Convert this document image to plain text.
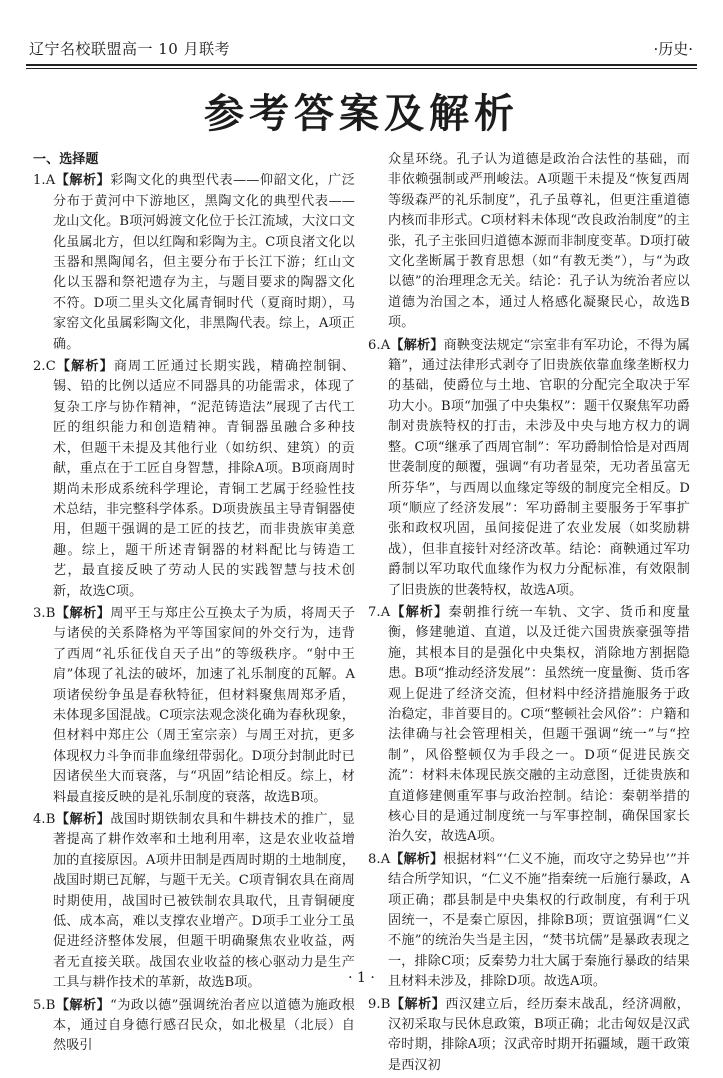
辽宁名校联盟高一 10 月联考	·历史·
参考答案及解析
一、选择题

1.A【解析】彩陶文化的典型代表——仰韶文化，广泛分布于黄河中下游地区，黑陶文化的典型代表——龙山文化。B项河姆渡文化位于长江流域，大汶口文化虽属北方，但以红陶和彩陶为主。C项良渚文化以玉器和黑陶闻名，但主要分布于长江下游；红山文化以玉器和祭祀遗存为主，与题目要求的陶器文化不符。D项二里头文化属青铜时代（夏商时期），马家窑文化虽属彩陶文化，非黑陶代表。综上，A项正确。

2.C【解析】商周工匠通过长期实践，精确控制铜、锡、铅的比例以适应不同器具的功能需求，体现了复杂工序与协作精神，“泥范铸造法”展现了古代工匠的组织能力和创造精神。青铜器虽融合多种技术，但题干未提及其他行业（如纺织、建筑）的贡献，重点在于工匠自身智慧，排除A项。B项商周时期尚未形成系统科学理论，青铜工艺属于经验性技术总结，非完整科学体系。D项贵族虽主导青铜器使用，但题干强调的是工匠的技艺，而非贵族审美意趣。综上，题干所述青铜器的材料配比与铸造工艺，最直接反映了劳动人民的实践智慧与技术创新，故选C项。

3.B【解析】周平王与郑庄公互换太子为质，将周天子与诸侯的关系降格为平等国家间的外交行为，违背了西周“礼乐征伐自天子出”的等级秩序。“射中王肩”体现了礼法的破坏，加速了礼乐制度的瓦解。A项诸侯纷争虽是春秋特征，但材料聚焦周郑矛盾，未体现多国混战。C项宗法观念淡化确为春秋现象，但材料中郑庄公（周王室宗亲）与周王对抗，更多体现权力斗争而非血缘纽带弱化。D项分封制此时已因诸侯坐大而衰落，与“巩固”结论相反。综上，材料最直接反映的是礼乐制度的衰落，故选B项。

4.B【解析】战国时期铁制农具和牛耕技术的推广，显著提高了耕作效率和土地利用率，这是农业收益增加的直接原因。A项井田制是西周时期的土地制度，战国时期已瓦解，与题干无关。C项青铜农具在商周时期使用，战国时已被铁制农具取代，且青铜硬度低、成本高，难以支撑农业增产。D项手工业分工虽促进经济整体发展，但题干明确聚焦农业收益，两者无直接关联。战国农业收益的核心驱动力是生产工具与耕作技术的革新，故选B项。

5.B【解析】“为政以德”强调统治者应以道德为施政根本，通过自身德行感召民众，如北极星（北辰）自然吸引

众星环绕。孔子认为道德是政治合法性的基础，而非依赖强制或严刑峻法。A项题干未提及“恢复西周等级森严的礼乐制度”，孔子虽尊礼，但更注重道德内核而非形式。C项材料未体现“改良政治制度”的主张，孔子主张回归道德本源而非制度变革。D项打破文化垄断属于教育思想（如“有教无类”），与“为政以德”的治理理念无关。结论：孔子认为统治者应以道德为治国之本，通过人格感化凝聚民心，故选B项。

6.A【解析】商鞅变法规定“宗室非有军功论，不得为属籍”，通过法律形式剥夺了旧贵族依靠血缘垄断权力的基础，使爵位与土地、官职的分配完全取决于军功大小。B项“加强了中央集权”：题干仅聚焦军功爵制对贵族特权的打击，未涉及中央与地方权力的调整。C项“继承了西周官制”：军功爵制恰恰是对西周世袭制度的颠覆，强调“有功者显荣，无功者虽富无所芬华”，与西周以血缘定等级的制度完全相反。D项“顺应了经济发展”：军功爵制主要服务于军事扩张和政权巩固，虽间接促进了农业发展（如奖励耕战），但非直接针对经济改革。结论：商鞅通过军功爵制以军功取代血缘作为权力分配标准，有效限制了旧贵族的世袭特权，故选A项。

7.A【解析】秦朝推行统一车轨、文字、货币和度量衡，修建驰道、直道，以及迁徙六国贵族豪强等措施，其根本目的是强化中央集权，消除地方割据隐患。B项“推动经济发展”：虽然统一度量衡、货币客观上促进了经济交流，但材料中经济措施服务于政治稳定，非首要目的。C项“整顿社会风俗”：户籍和法律确与社会管理相关，但题干强调“统一”与“控制”，风俗整顿仅为手段之一。D项“促进民族交流”：材料未体现民族交融的主动意图，迁徙贵族和直道修建侧重军事与政治控制。结论：秦朝举措的核心目的是通过制度统一与军事控制，确保国家长治久安，故选A项。

8.A【解析】根据材料“‘仁义不施，而攻守之势异也’”并结合所学知识，“仁义不施”指秦统一后施行暴政，A项正确；郡县制是中央集权的行政制度，有利于巩固统一，不是秦亡原因，排除B项；贾谊强调“仁义不施”的统治失当是主因，“焚书坑儒”是暴政表现之一，排除C项；反秦势力壮大属于秦施行暴政的结果且材料未涉及，排除D项。故选A项。

9.B【解析】西汉建立后，经历秦末战乱，经济凋敝，汉初采取与民休息政策，B项正确；北击匈奴是汉武帝时期，排除A项；汉武帝时期开拓疆域，题干政策是西汉初

· 1 ·
